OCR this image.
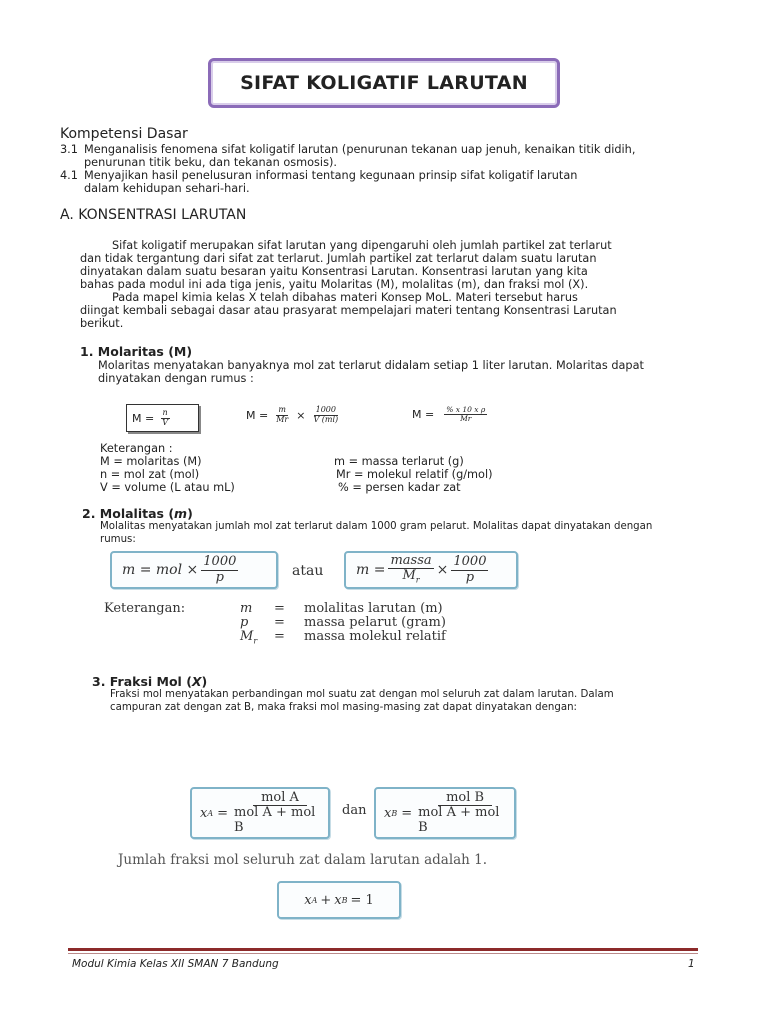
SIFAT KOLIGATIF LARUTAN
Kompetensi Dasar
3.1 Menganalisis fenomena sifat koligatif larutan (penurunan tekanan uap jenuh, kenaikan titik didih,
penurunan titik beku, dan tekanan osmosis).
4.1 Menyajikan hasil penelusuran informasi tentang kegunaan prinsip sifat koligatif larutan
dalam kehidupan sehari-hari.
A. KONSENTRASI LARUTAN
Sifat koligatif merupakan sifat larutan yang dipengaruhi oleh jumlah partikel zat terlarut
dan tidak tergantung dari sifat zat terlarut. Jumlah partikel zat terlarut dalam suatu larutan
dinyatakan dalam suatu besaran yaitu Konsentrasi Larutan. Konsentrasi larutan yang kita
bahas pada modul ini ada tiga jenis, yaitu Molaritas (M), molalitas (m), dan fraksi mol (X).
Pada mapel kimia kelas X telah dibahas materi Konsep MoL. Materi tersebut harus
diingat kembali sebagai dasar atau prasyarat mempelajari materi tentang Konsentrasi Larutan
berikut.
1. Molaritas (M)
Molaritas menyatakan banyaknya mol zat terlarut didalam setiap 1 liter larutan. Molaritas dapat
dinyatakan dengan rumus :
$M = \frac{n}{V}$	$M = \frac{m}{Mr} \times \frac{1000}{V (ml)}$	$M = \frac{\text{\% x 10 x ρ}}{Mr}$
Keterangan :
M = molaritas (M)
n = mol zat (mol)
V = volume (L atau mL)
m = massa terlarut (g)
Mr = molekul relatif (g/mol)
% = persen kadar zat
2. Molalitas (m)
Molalitas menyatakan jumlah mol zat terlarut dalam 1000 gram pelarut. Molalitas dapat dinyatakan dengan
rumus:
m = mol × $\frac{1000}{p}$	atau $m = \frac{\text{massa}}{M_r} \times \frac{1000}{p}$
Keterangan:	m = molalitas larutan (m)
p = massa pelarut (gram)
$M_r$ = massa molekul relatif
3. Fraksi Mol (X)
Fraksi mol menyatakan perbandingan mol suatu zat dengan mol seluruh zat dalam larutan. Dalam
campuran zat dengan zat B, maka fraksi mol masing-masing zat dapat dinyatakan dengan:
x $A = \frac{\text{mol A}}{\text{mol A + mol B}}$ dan x $B = \frac{\text{mol B}}{\text{mol A + mol B}}$
Jumlah fraksi mol seluruh zat dalam larutan adalah 1.
x A + x B = 1
Modul Kimia Kelas XII SMAN 7 Bandung	1
